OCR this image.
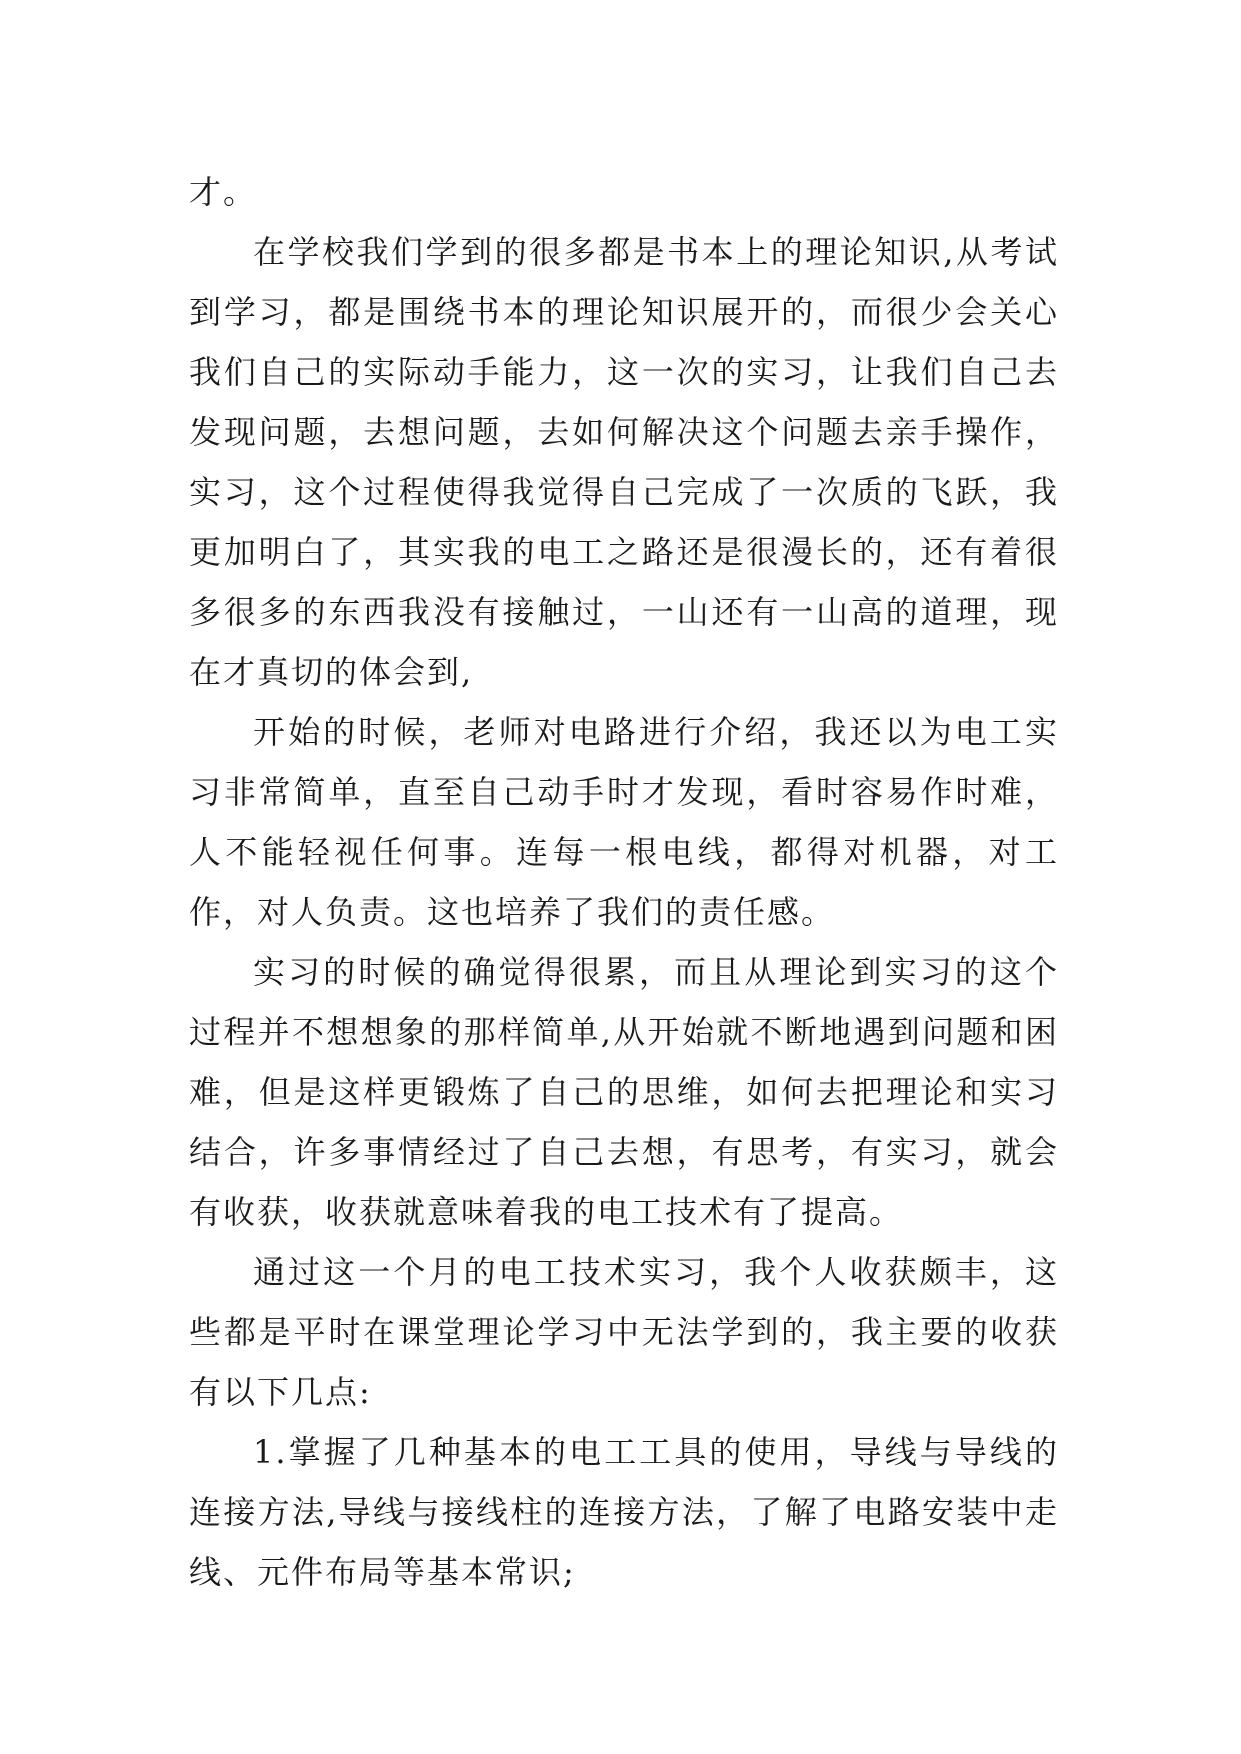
才。

在学校我们学到的很多都是书本上的理论知识,从考试到学习，都是围绕书本的理论知识展开的，而很少会关心我们自己的实际动手能力，这一次的实习，让我们自己去发现问题，去想问题，去如何解决这个问题去亲手操作，实习，这个过程使得我觉得自己完成了一次质的飞跃，我更加明白了，其实我的电工之路还是很漫长的，还有着很多很多的东西我没有接触过，一山还有一山高的道理，现在才真切的体会到,

开始的时候，老师对电路进行介绍，我还以为电工实习非常简单，直至自己动手时才发现，看时容易作时难，人不能轻视任何事。连每一根电线，都得对机器，对工作，对人负责。这也培养了我们的责任感。

实习的时候的确觉得很累，而且从理论到实习的这个过程并不想想象的那样简单,从开始就不断地遇到问题和困难，但是这样更锻炼了自己的思维，如何去把理论和实习结合，许多事情经过了自己去想，有思考，有实习，就会有收获，收获就意味着我的电工技术有了提高。

通过这一个月的电工技术实习，我个人收获颇丰，这些都是平时在课堂理论学习中无法学到的，我主要的收获有以下几点:

1.掌握了几种基本的电工工具的使用，导线与导线的连接方法,导线与接线柱的连接方法，了解了电路安装中走线、元件布局等基本常识;
